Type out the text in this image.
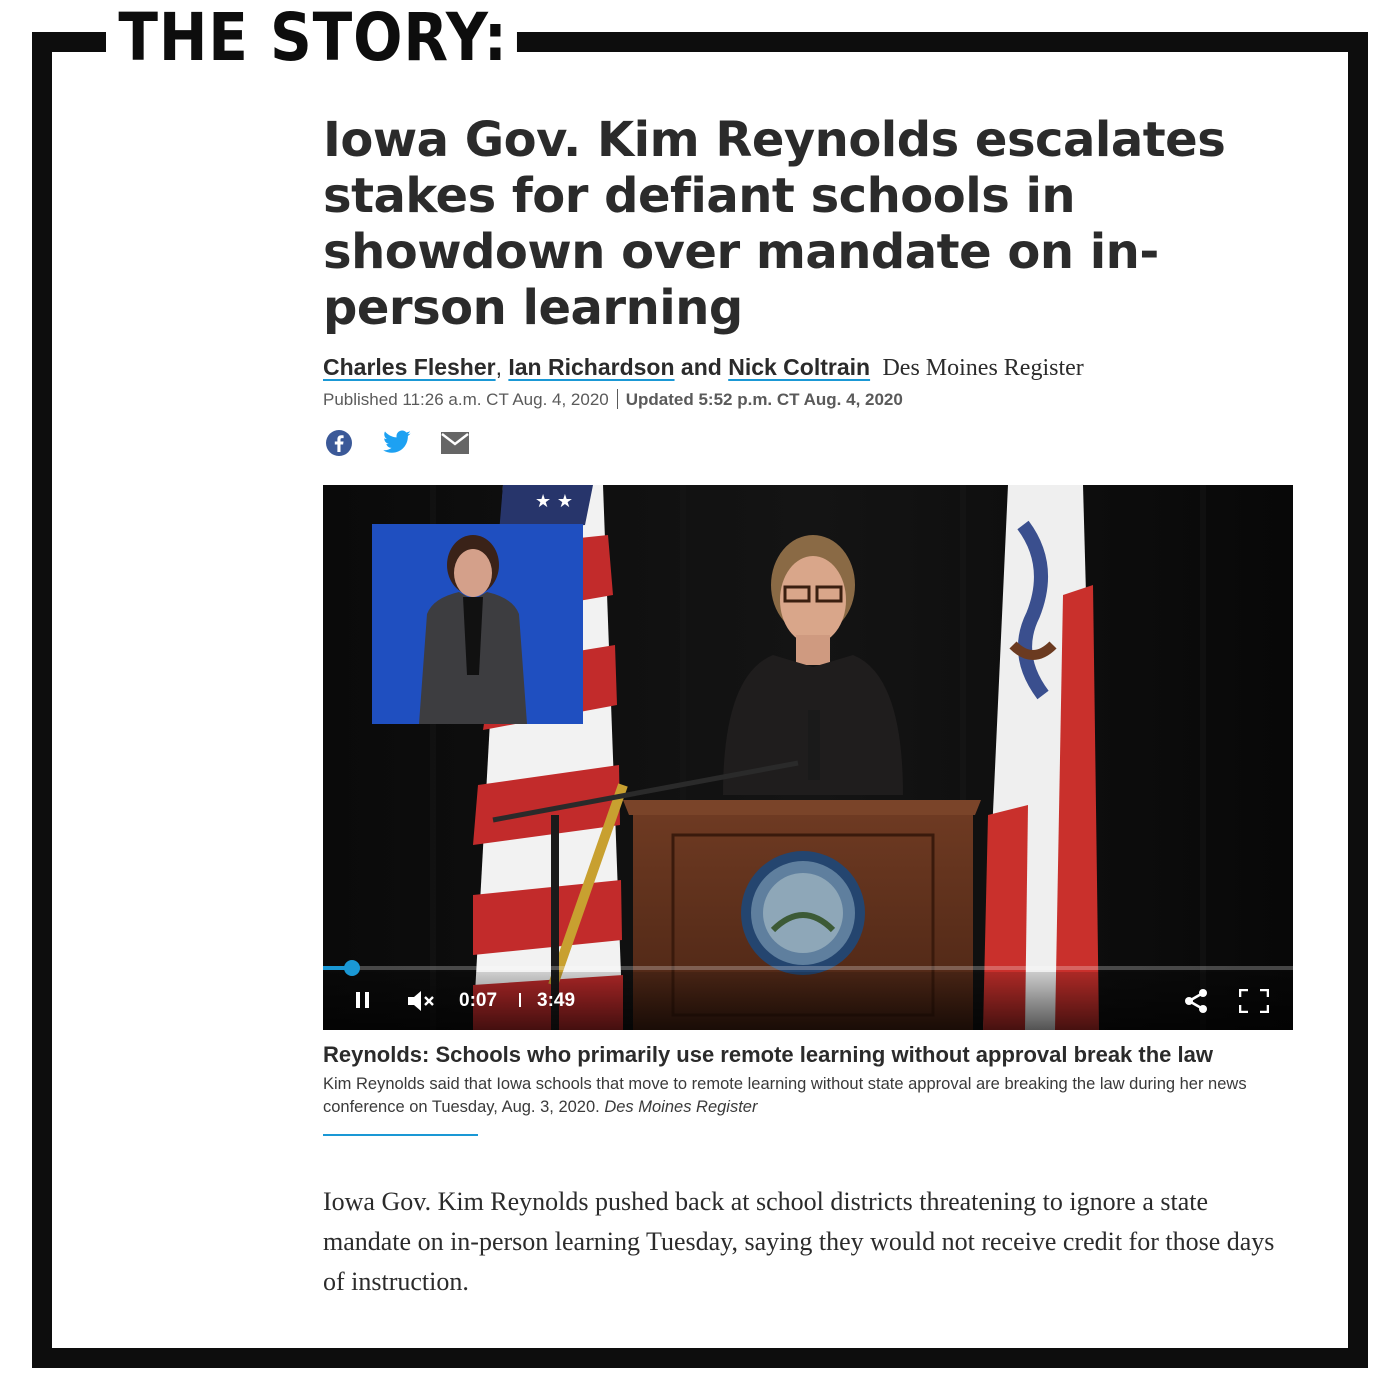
THE STORY:
Iowa Gov. Kim Reynolds escalates stakes for defiant schools in showdown over mandate on in-person learning
Charles Flesher, Ian Richardson and Nick Coltrain Des Moines Register
Published 11:26 a.m. CT Aug. 4, 2020 Updated 5:52 p.m. CT Aug. 4, 2020
★ ★
0:07 3:49
Reynolds: Schools who primarily use remote learning without approval break the law
Kim Reynolds said that Iowa schools that move to remote learning without state approval are breaking the law during her news conference on Tuesday, Aug. 3, 2020. Des Moines Register

Iowa Gov. Kim Reynolds pushed back at school districts threatening to ignore a state mandate on in-person learning Tuesday, saying they would not receive credit for those days of instruction.
